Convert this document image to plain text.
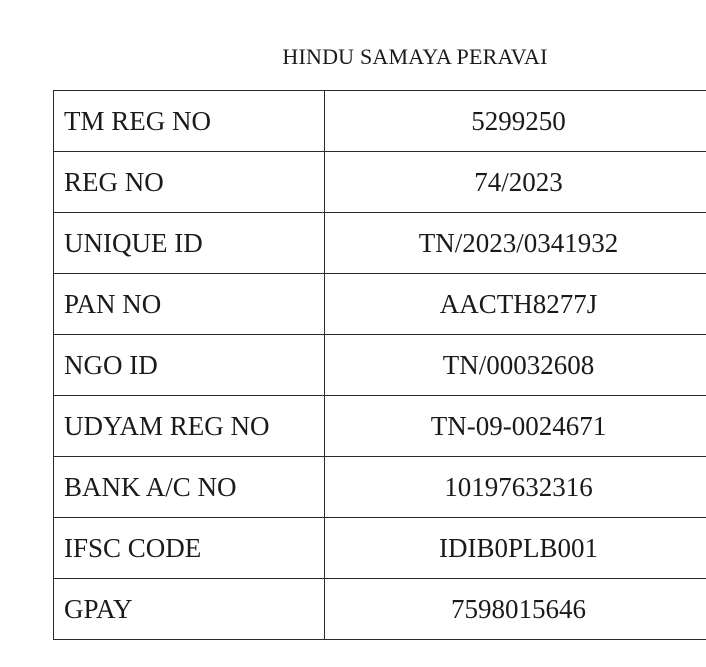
HINDU SAMAYA PERAVAI
TM REG NO	5299250
REG NO	74/2023
UNIQUE ID	TN/2023/0341932
PAN NO	AACTH8277J
NGO ID	TN/00032608
UDYAM REG NO	TN-09-0024671
BANK A/C NO	10197632316
IFSC CODE	IDIB0PLB001
GPAY	7598015646
